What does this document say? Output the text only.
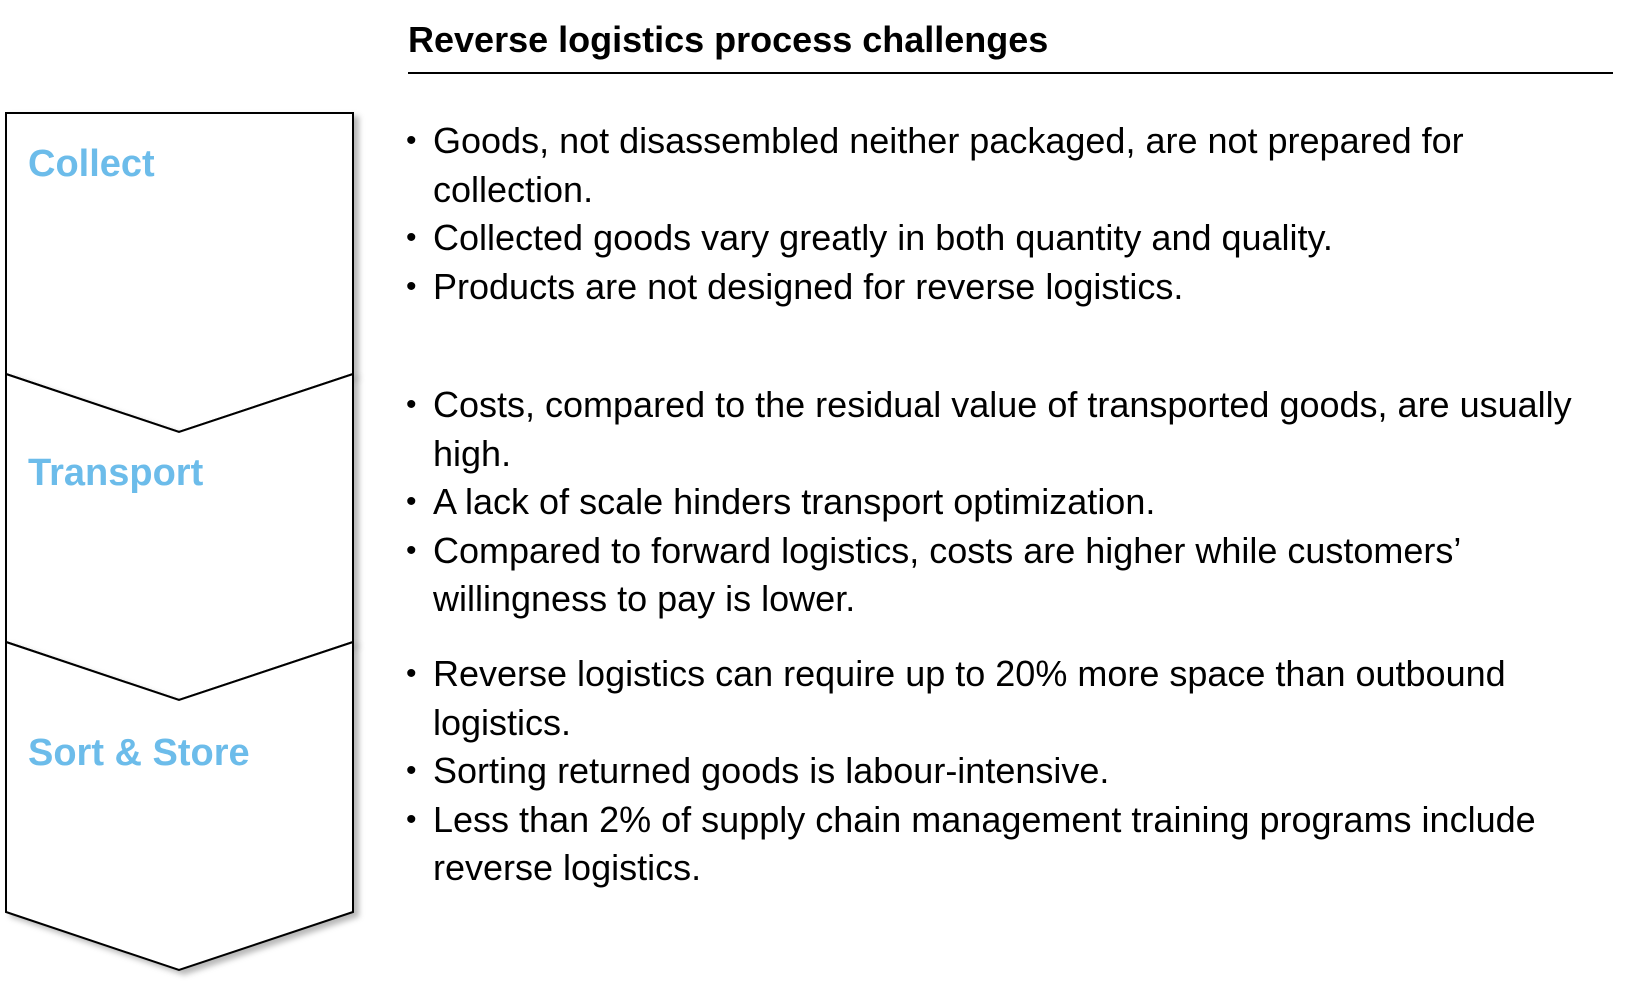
Reverse logistics process challenges
Collect
Transport
Sort & Store
• Goods, not disassembled neither packaged, are not prepared for collection.
• Collected goods vary greatly in both quantity and quality.
• Products are not designed for reverse logistics.
• Costs, compared to the residual value of transported goods, are usually high.
• A lack of scale hinders transport optimization.
• Compared to forward logistics, costs are higher while customers’ willingness to pay is lower.
• Reverse logistics can require up to 20% more space than outbound logistics.
• Sorting returned goods is labour-intensive.
• Less than 2% of supply chain management training programs include reverse logistics.
